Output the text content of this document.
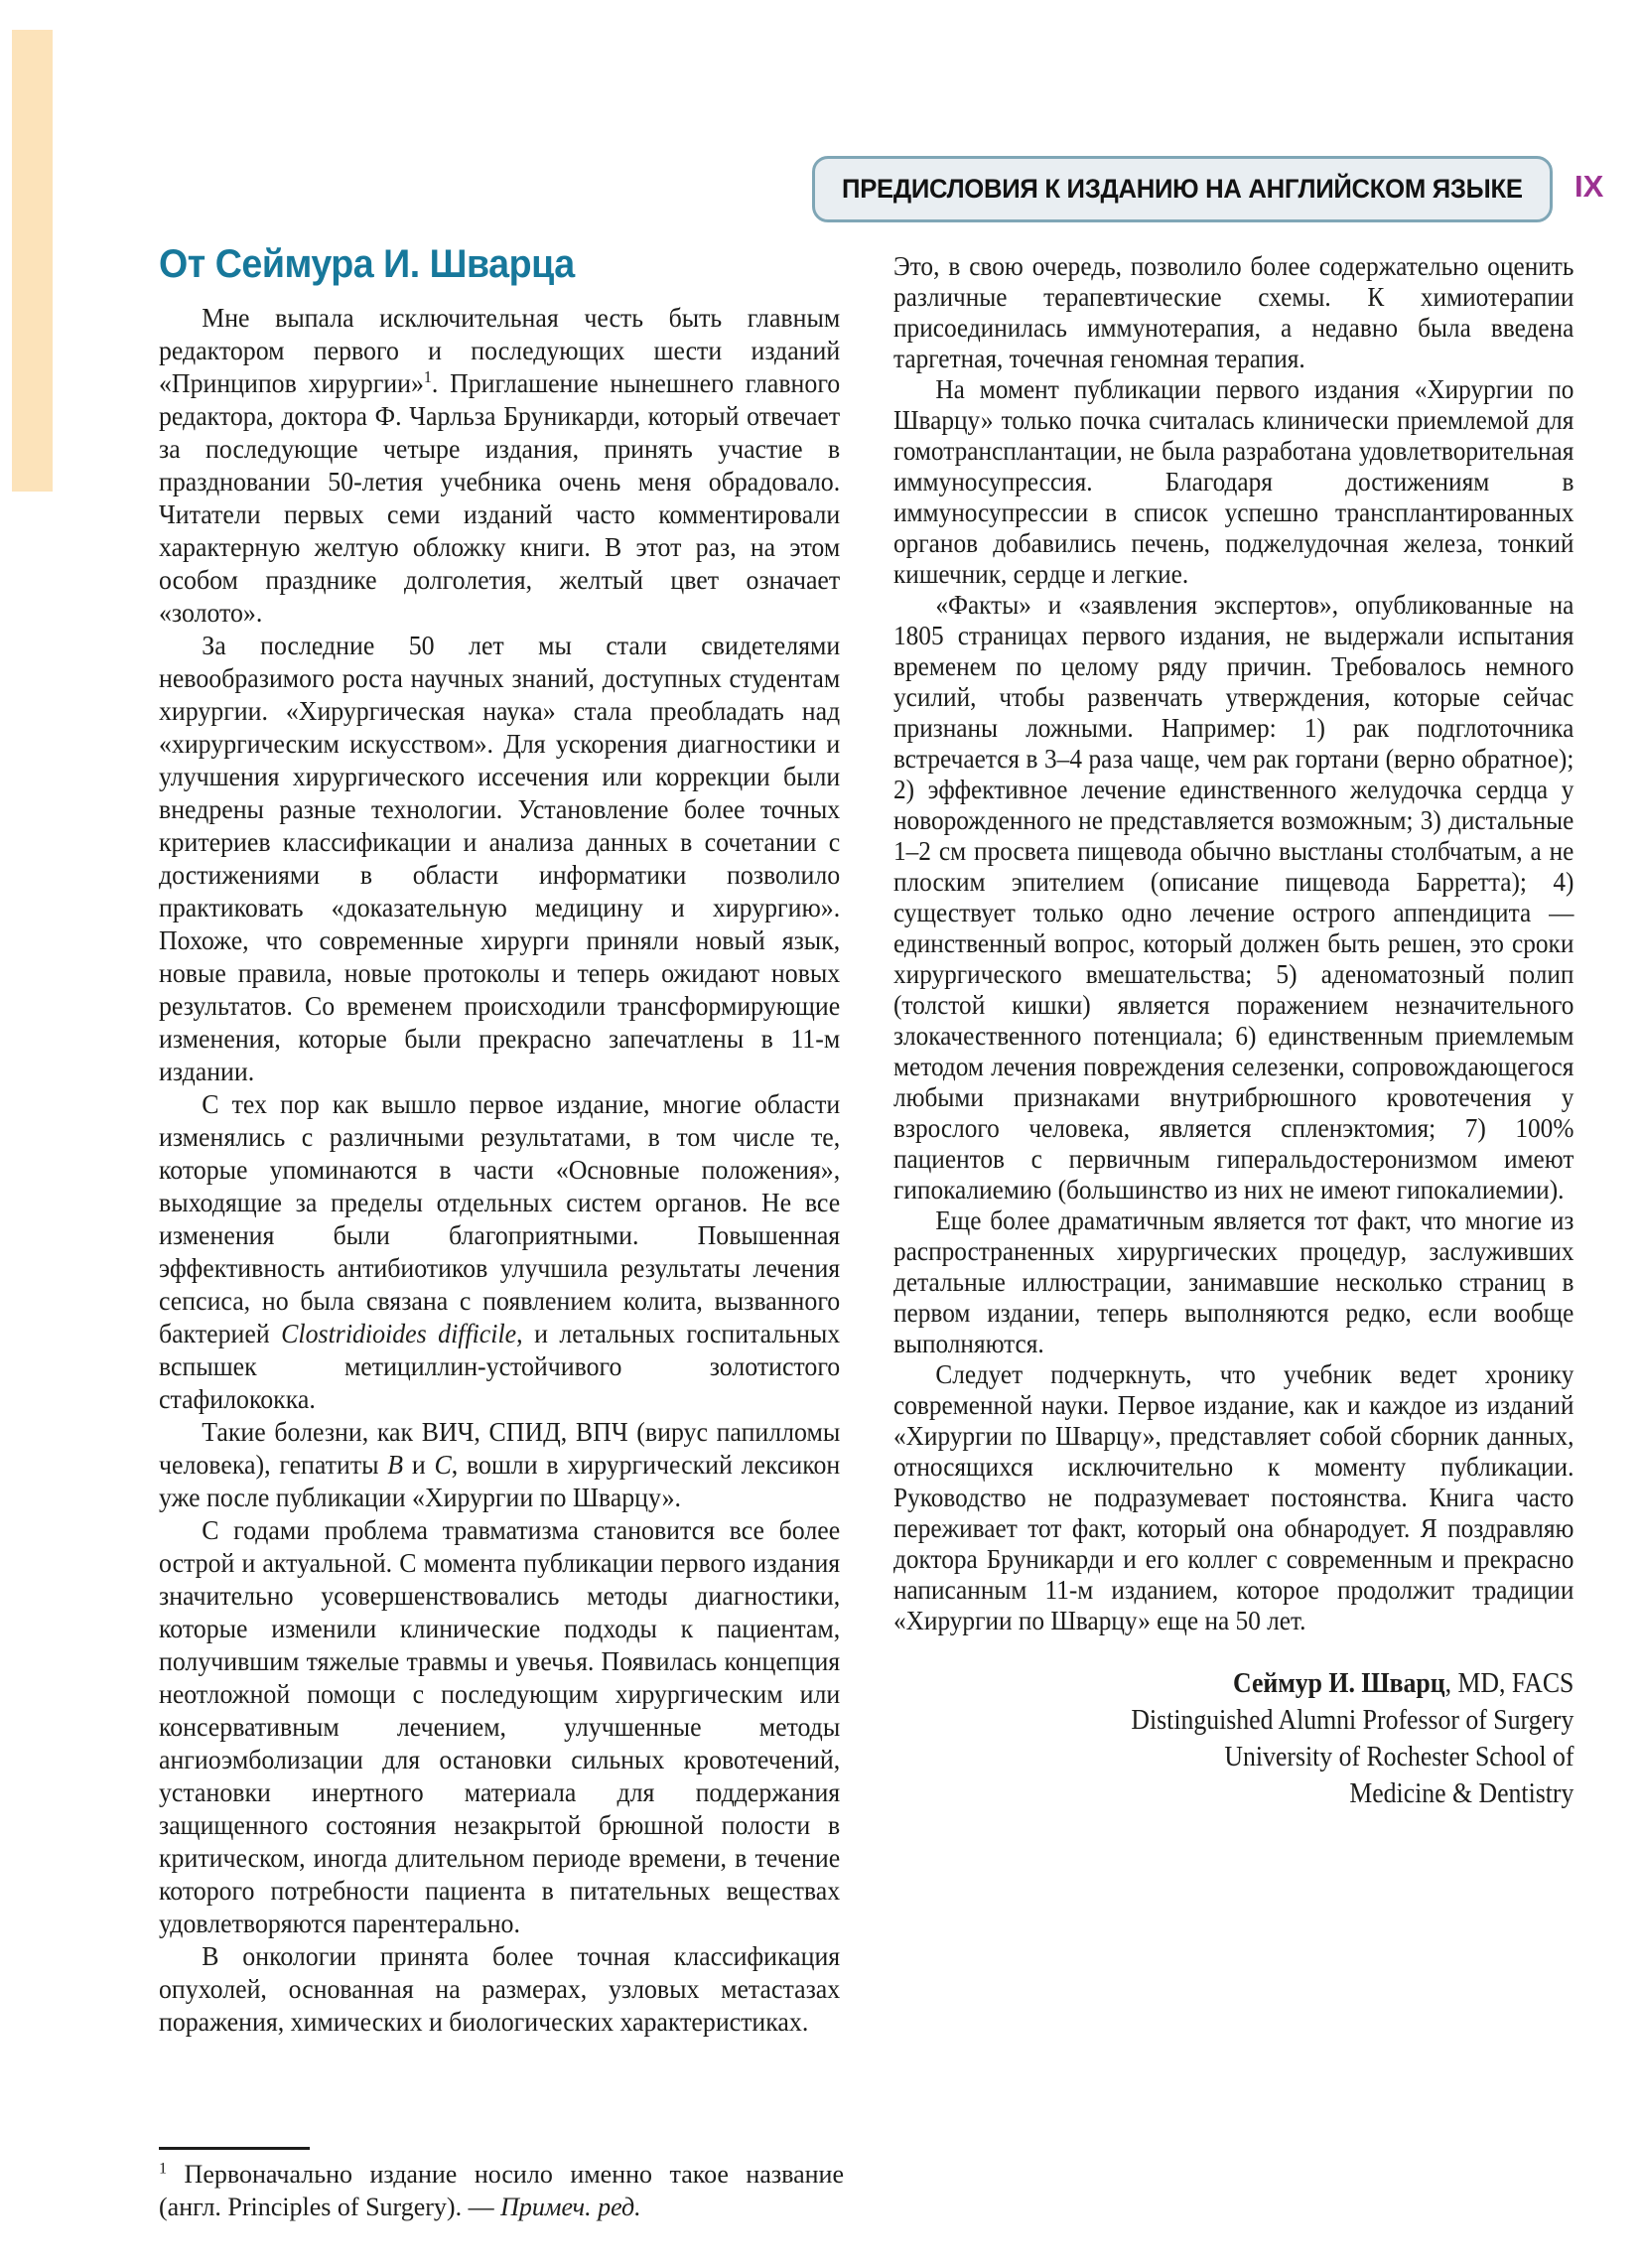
ПРЕДИСЛОВИЯ К ИЗДАНИЮ НА АНГЛИЙСКОМ ЯЗЫКЕ IX
От Сеймура И. Шварца

Мне выпала исключительная честь быть главным редактором первого и последующих шести изданий «Принципов хирургии»$^1$. Приглашение нынешнего главного редактора, доктора Ф. Чарльза Бруникарди, который отвечает за последующие четыре издания, принять участие в праздновании 50-летия учебника очень меня обрадовало. Читатели первых семи изданий часто комментировали характерную желтую обложку книги. В этот раз, на этом особом празднике долголетия, желтый цвет означает «золото».

За последние 50 лет мы стали свидетелями невообразимого роста научных знаний, доступных студентам хирургии. «Хирургическая наука» стала преобладать над «хирургическим искусством». Для ускорения диагностики и улучшения хирургического иссечения или коррекции были внедрены разные технологии. Установление более точных критериев классификации и анализа данных в сочетании с достижениями в области информатики позволило практиковать «доказательную медицину и хирургию». Похоже, что современные хирурги приняли новый язык, новые правила, новые протоколы и теперь ожидают новых результатов. Со временем происходили трансформирующие изменения, которые были прекрасно запечатлены в 11-м издании.

С тех пор как вышло первое издание, многие области изменялись с различными результатами, в том числе те, которые упоминаются в части «Основные положения», выходящие за пределы отдельных систем органов. Не все изменения были благоприятными. Повышенная эффективность антибиотиков улучшила результаты лечения сепсиса, но была связана с появлением колита, вызванного бактерией Clostridioides difficile, и летальных госпитальных вспышек метициллин-устойчивого золотистого стафилококка.

Такие болезни, как ВИЧ, СПИД, ВПЧ (вирус папилломы человека), гепатиты B и C, вошли в хирургический лексикон уже после публикации «Хирургии по Шварцу».

С годами проблема травматизма становится все более острой и актуальной. С момента публикации первого издания значительно усовершенствовались методы диагностики, которые изменили клинические подходы к пациентам, получившим тяжелые травмы и увечья. Появилась концепция неотложной помощи с последующим хирургическим или консервативным лечением, улучшенные методы ангиоэмболизации для остановки сильных кровотечений, установки инертного материала для поддержания защищенного состояния незакрытой брюшной полости в критическом, иногда длительном периоде времени, в течение которого потребности пациента в питательных веществах удовлетворяются парентерально.

В онкологии принята более точная классификация опухолей, основанная на размерах, узловых метастазах поражения, химических и биологических характеристиках.

Это, в свою очередь, позволило более содержательно оценить различные терапевтические схемы. К химиотерапии присоединилась иммунотерапия, а недавно была введена таргетная, точечная геномная терапия.

На момент публикации первого издания «Хирургии по Шварцу» только почка считалась клинически приемлемой для гомотрансплантации, не была разработана удовлетворительная иммуносупрессия. Благодаря достижениям в иммуносупрессии в список успешно трансплантированных органов добавились печень, поджелудочная железа, тонкий кишечник, сердце и легкие.

«Факты» и «заявления экспертов», опубликованные на 1805 страницах первого издания, не выдержали испытания временем по целому ряду причин. Требовалось немного усилий, чтобы развенчать утверждения, которые сейчас признаны ложными. Например: 1) рак подглоточника встречается в 3–4 раза чаще, чем рак гортани (верно обратное); 2) эффективное лечение единственного желудочка сердца у новорожденного не представляется возможным; 3) дистальные 1–2 см просвета пищевода обычно выстланы столбчатым, а не плоским эпителием (описание пищевода Барретта); 4) существует только одно лечение острого аппендицита — единственный вопрос, который должен быть решен, это сроки хирургического вмешательства; 5) аденоматозный полип (толстой кишки) является поражением незначительного злокачественного потенциала; 6) единственным приемлемым методом лечения повреждения селезенки, сопровождающегося любыми признаками внутрибрюшного кровотечения у взрослого человека, является спленэктомия; 7) 100% пациентов с первичным гиперальдостеронизмом имеют гипокалиемию (большинство из них не имеют гипокалиемии).

Еще более драматичным является тот факт, что многие из распространенных хирургических процедур, заслуживших детальные иллюстрации, занимавшие несколько страниц в первом издании, теперь выполняются редко, если вообще выполняются.

Следует подчеркнуть, что учебник ведет хронику современной науки. Первое издание, как и каждое из изданий «Хирургии по Шварцу», представляет собой сборник данных, относящихся исключительно к моменту публикации. Руководство не подразумевает постоянства. Книга часто переживает тот факт, который она обнародует. Я поздравляю доктора Бруникарди и его коллег с современным и прекрасно написанным 11-м изданием, которое продолжит традиции «Хирургии по Шварцу» еще на 50 лет.

Сеймур И. Шварц, MD, FACS

Distinguished Alumni Professor of Surgery

University of Rochester School of

Medicine & Dentistry

$^1$ Первоначально издание носило именно такое название (англ. Principles of Surgery). — Примеч. ред.
